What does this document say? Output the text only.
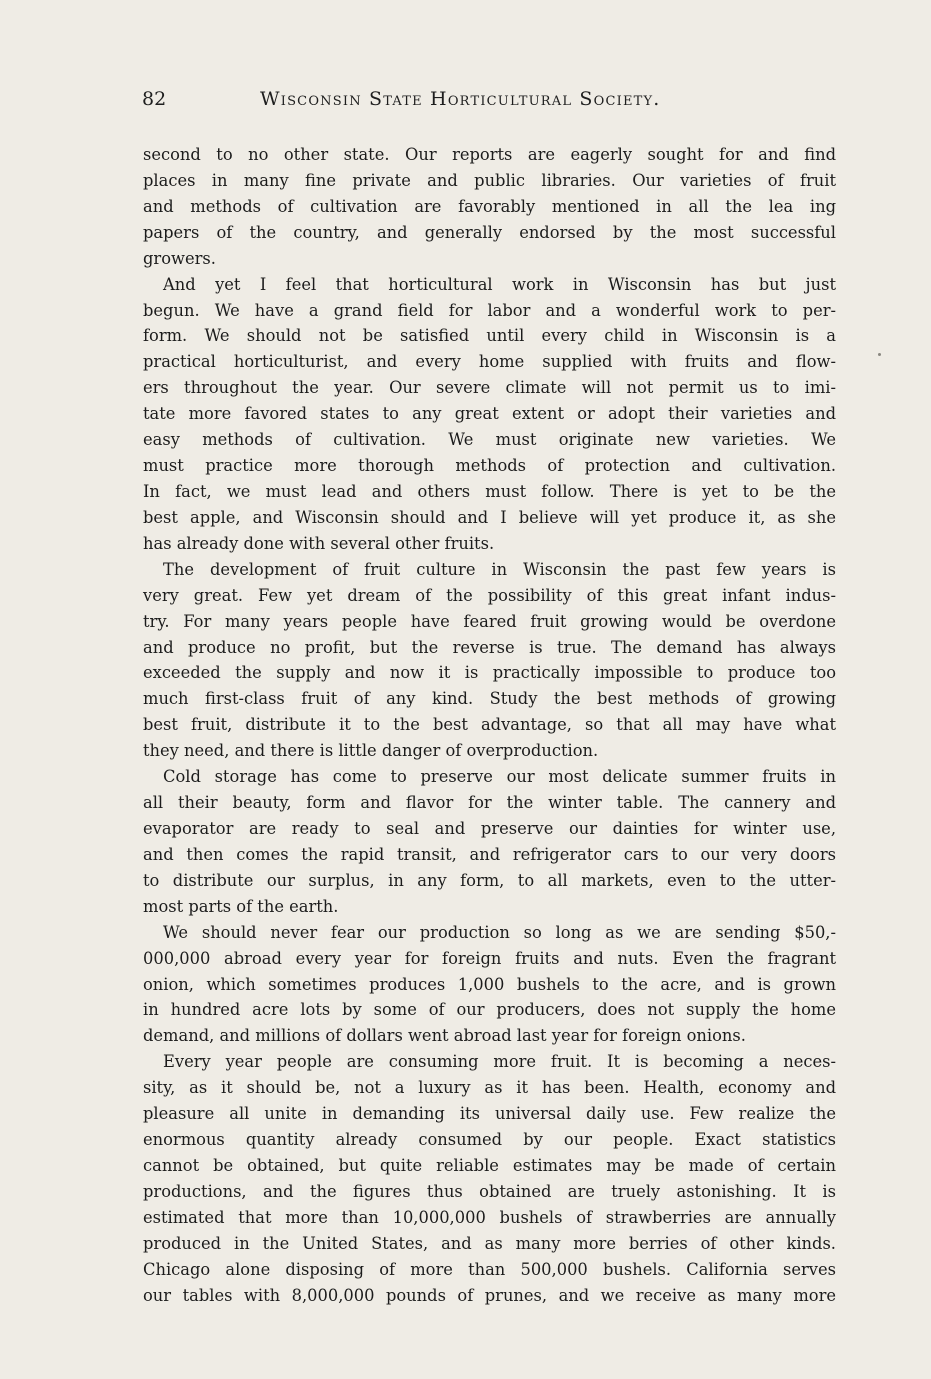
82	Wisconsin State Horticultural Society.
second to no other state. Our reports are eagerly sought for and find
places in many fine private and public libraries. Our varieties of fruit
and methods of cultivation are favorably mentioned in all the lea ing
papers of the country, and generally endorsed by the most successful
growers.
And yet I feel that horticultural work in Wisconsin has but just
begun. We have a grand field for labor and a wonderful work to per-
form. We should not be satisfied until every child in Wisconsin is a
practical horticulturist, and every home supplied with fruits and flow-
ers throughout the year. Our severe climate will not permit us to imi-
tate more favored states to any great extent or adopt their varieties and
easy methods of cultivation. We must originate new varieties. We
must practice more thorough methods of protection and cultivation.
In fact, we must lead and others must follow. There is yet to be the
best apple, and Wisconsin should and I believe will yet produce it, as she
has already done with several other fruits.
The development of fruit culture in Wisconsin the past few years is
very great. Few yet dream of the possibility of this great infant indus-
try. For many years people have feared fruit growing would be overdone
and produce no profit, but the reverse is true. The demand has always
exceeded the supply and now it is practically impossible to produce too
much first-class fruit of any kind. Study the best methods of growing
best fruit, distribute it to the best advantage, so that all may have what
they need, and there is little danger of overproduction.
Cold storage has come to preserve our most delicate summer fruits in
all their beauty, form and flavor for the winter table. The cannery and
evaporator are ready to seal and preserve our dainties for winter use,
and then comes the rapid transit, and refrigerator cars to our very doors
to distribute our surplus, in any form, to all markets, even to the utter-
most parts of the earth.
We should never fear our production so long as we are sending $50,-
000,000 abroad every year for foreign fruits and nuts. Even the fragrant
onion, which sometimes produces 1,000 bushels to the acre, and is grown
in hundred acre lots by some of our producers, does not supply the home
demand, and millions of dollars went abroad last year for foreign onions.
Every year people are consuming more fruit. It is becoming a neces-
sity, as it should be, not a luxury as it has been. Health, economy and
pleasure all unite in demanding its universal daily use. Few realize the
enormous quantity already consumed by our people. Exact statistics
cannot be obtained, but quite reliable estimates may be made of certain
productions, and the figures thus obtained are truely astonishing. It is
estimated that more than 10,000,000 bushels of strawberries are annually
produced in the United States, and as many more berries of other kinds.
Chicago alone disposing of more than 500,000 bushels. California serves
our tables with 8,000,000 pounds of prunes, and we receive as many more
